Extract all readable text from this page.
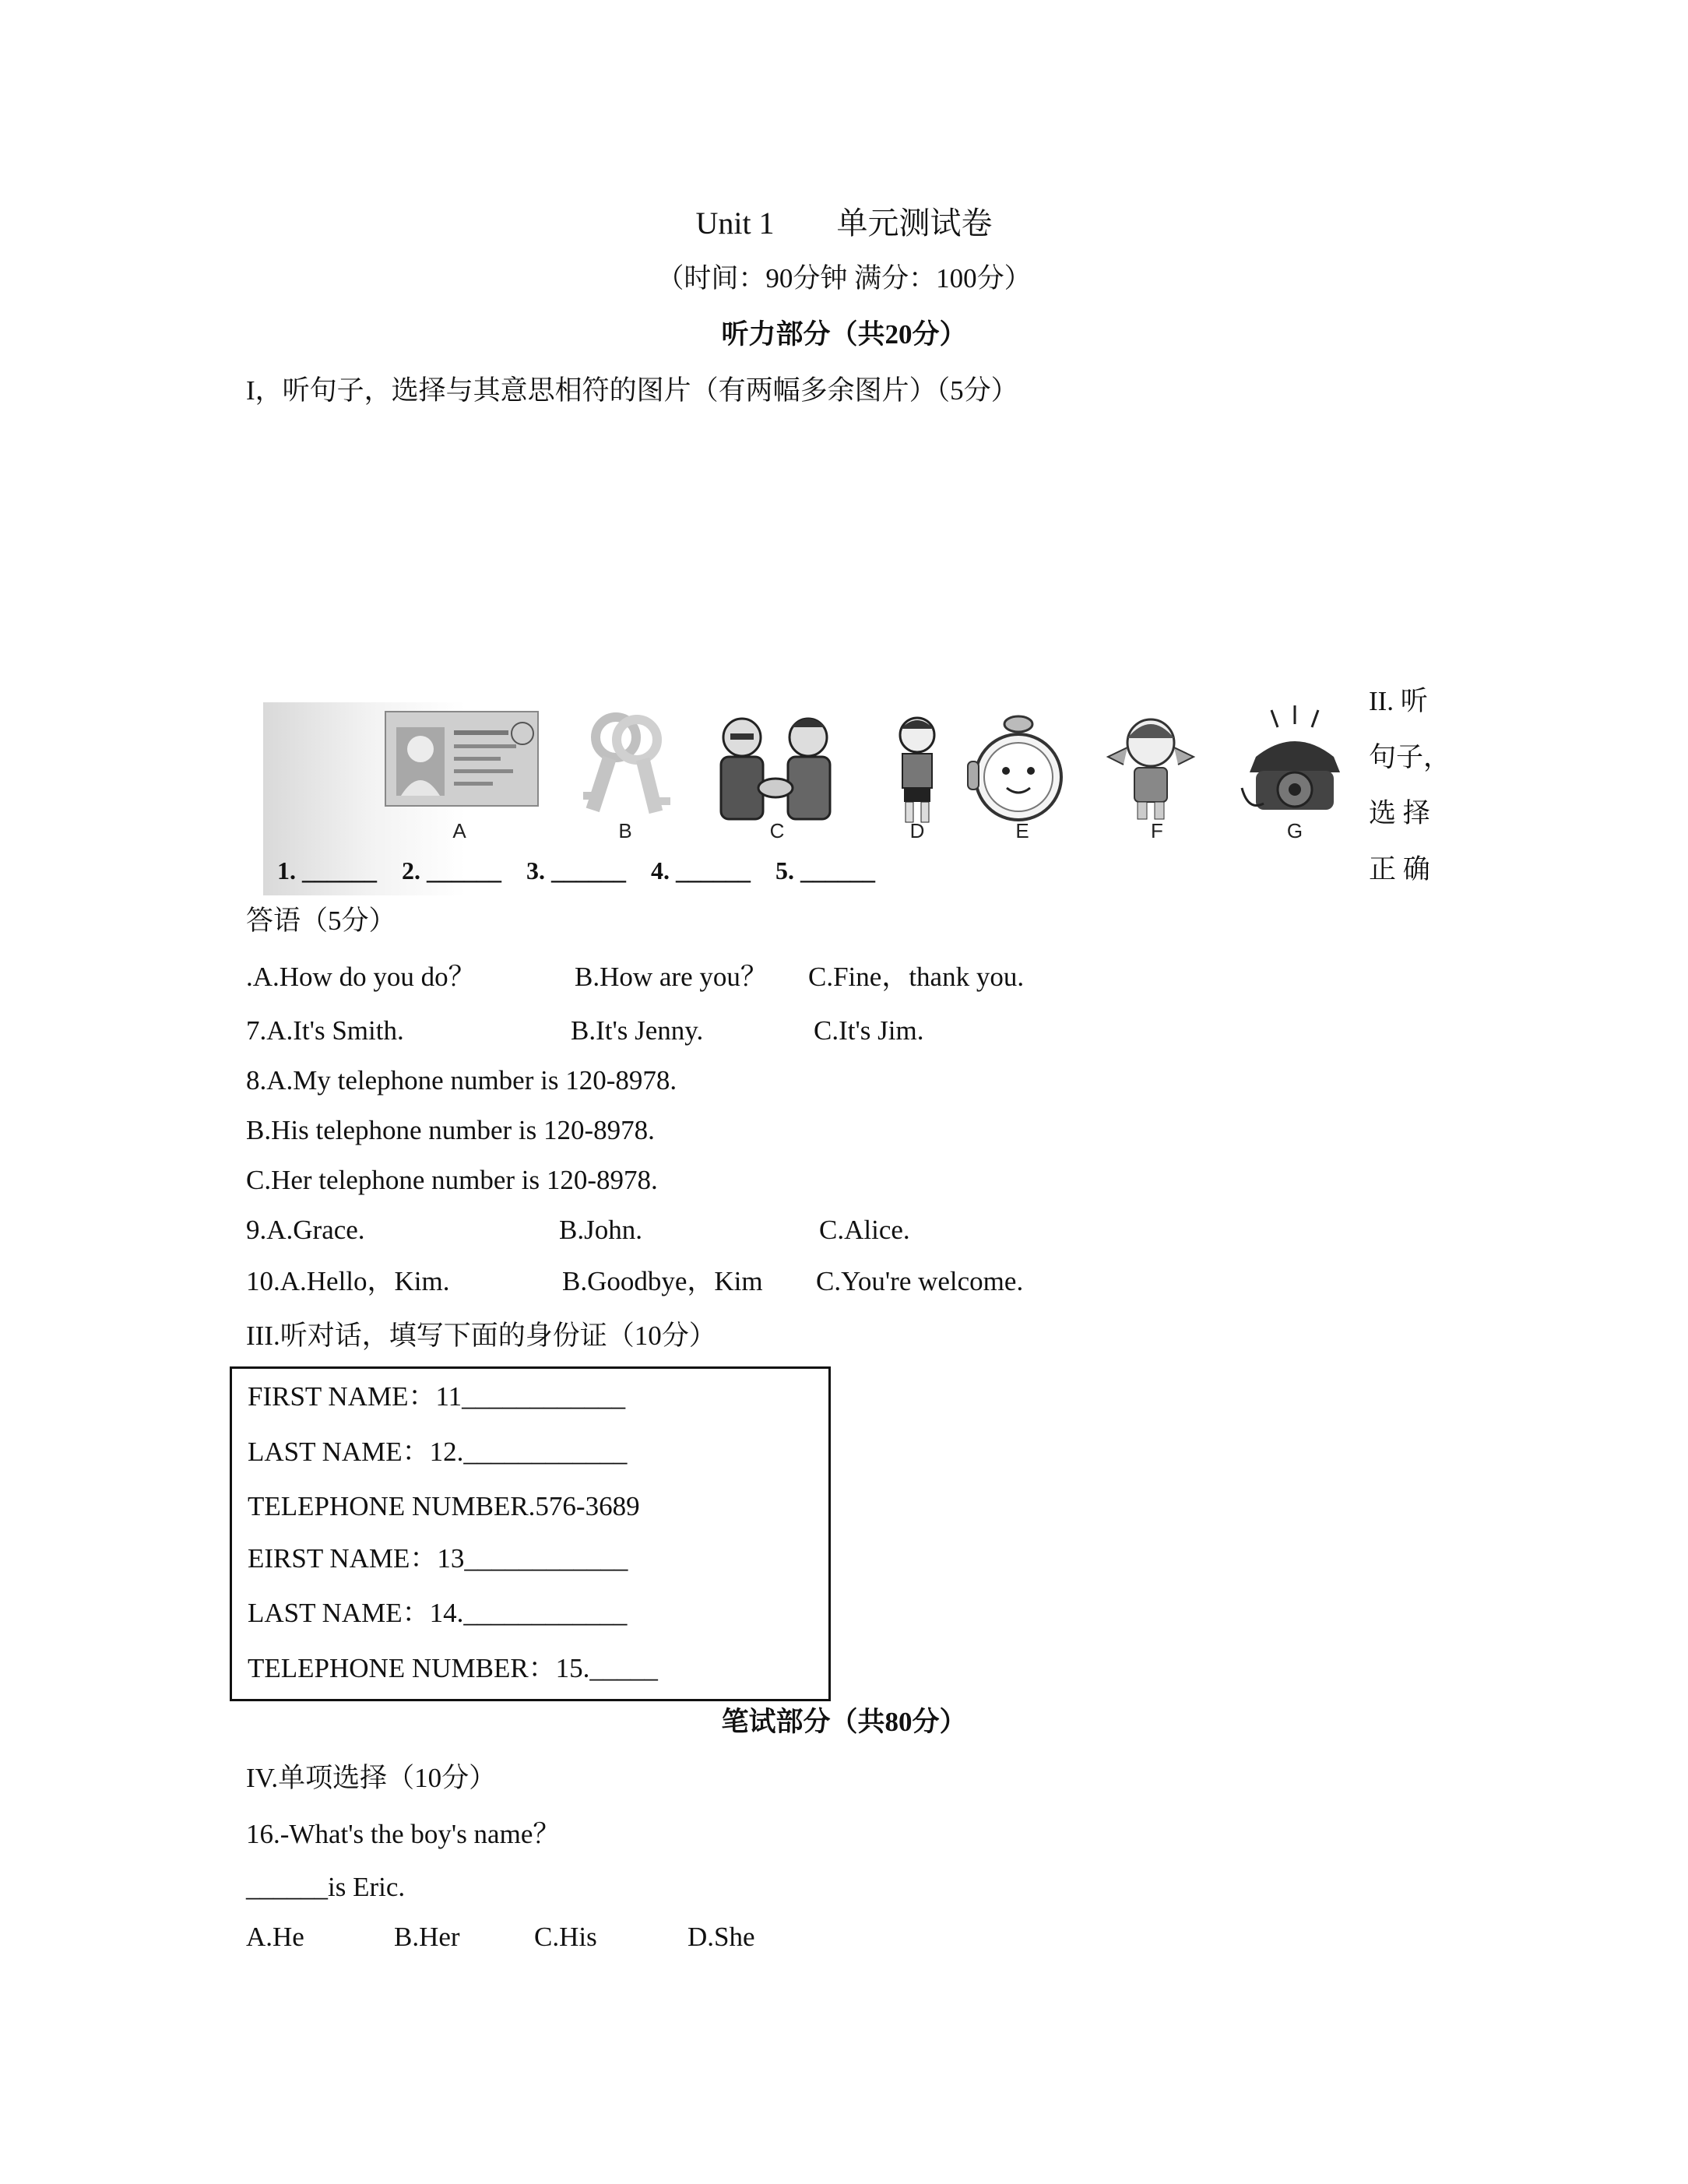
Unit 1　　单元测试卷
（时间：90分钟 满分：100分）
听力部分（共20分）
I，听句子，选择与其意思相符的图片（有两幅多余图片）（5分）
A	B	C	D	E	F	G
1. ______ 2. ______ 3. ______ 4. ______ 5. ______
II. 听
句子，
选 择
正 确
答语（5分）
.A.How do you do？	B.How are you？ C.Fine，thank you.
7.A.It's Smith.	B.It's Jenny.	C.It's Jim.
8.A.My telephone number is 120-8978.
B.His telephone number is 120-8978.
C.Her telephone number is 120-8978.
9.A.Grace.	B.John.	C.Alice.
10.A.Hello，Kim.	B.Goodbye，Kim C.You're welcome.
III.听对话，填写下面的身份证（10分）
FIRST NAME：11____________
LAST NAME：12.____________
TELEPHONE NUMBER.576-3689
EIRST NAME：13____________
LAST NAME：14.____________
TELEPHONE NUMBER：15._____
笔试部分（共80分）
IV.单项选择（10分）
16.-What's the boy's name？
______is Eric.
A.He	B.Her	C.His	D.She
